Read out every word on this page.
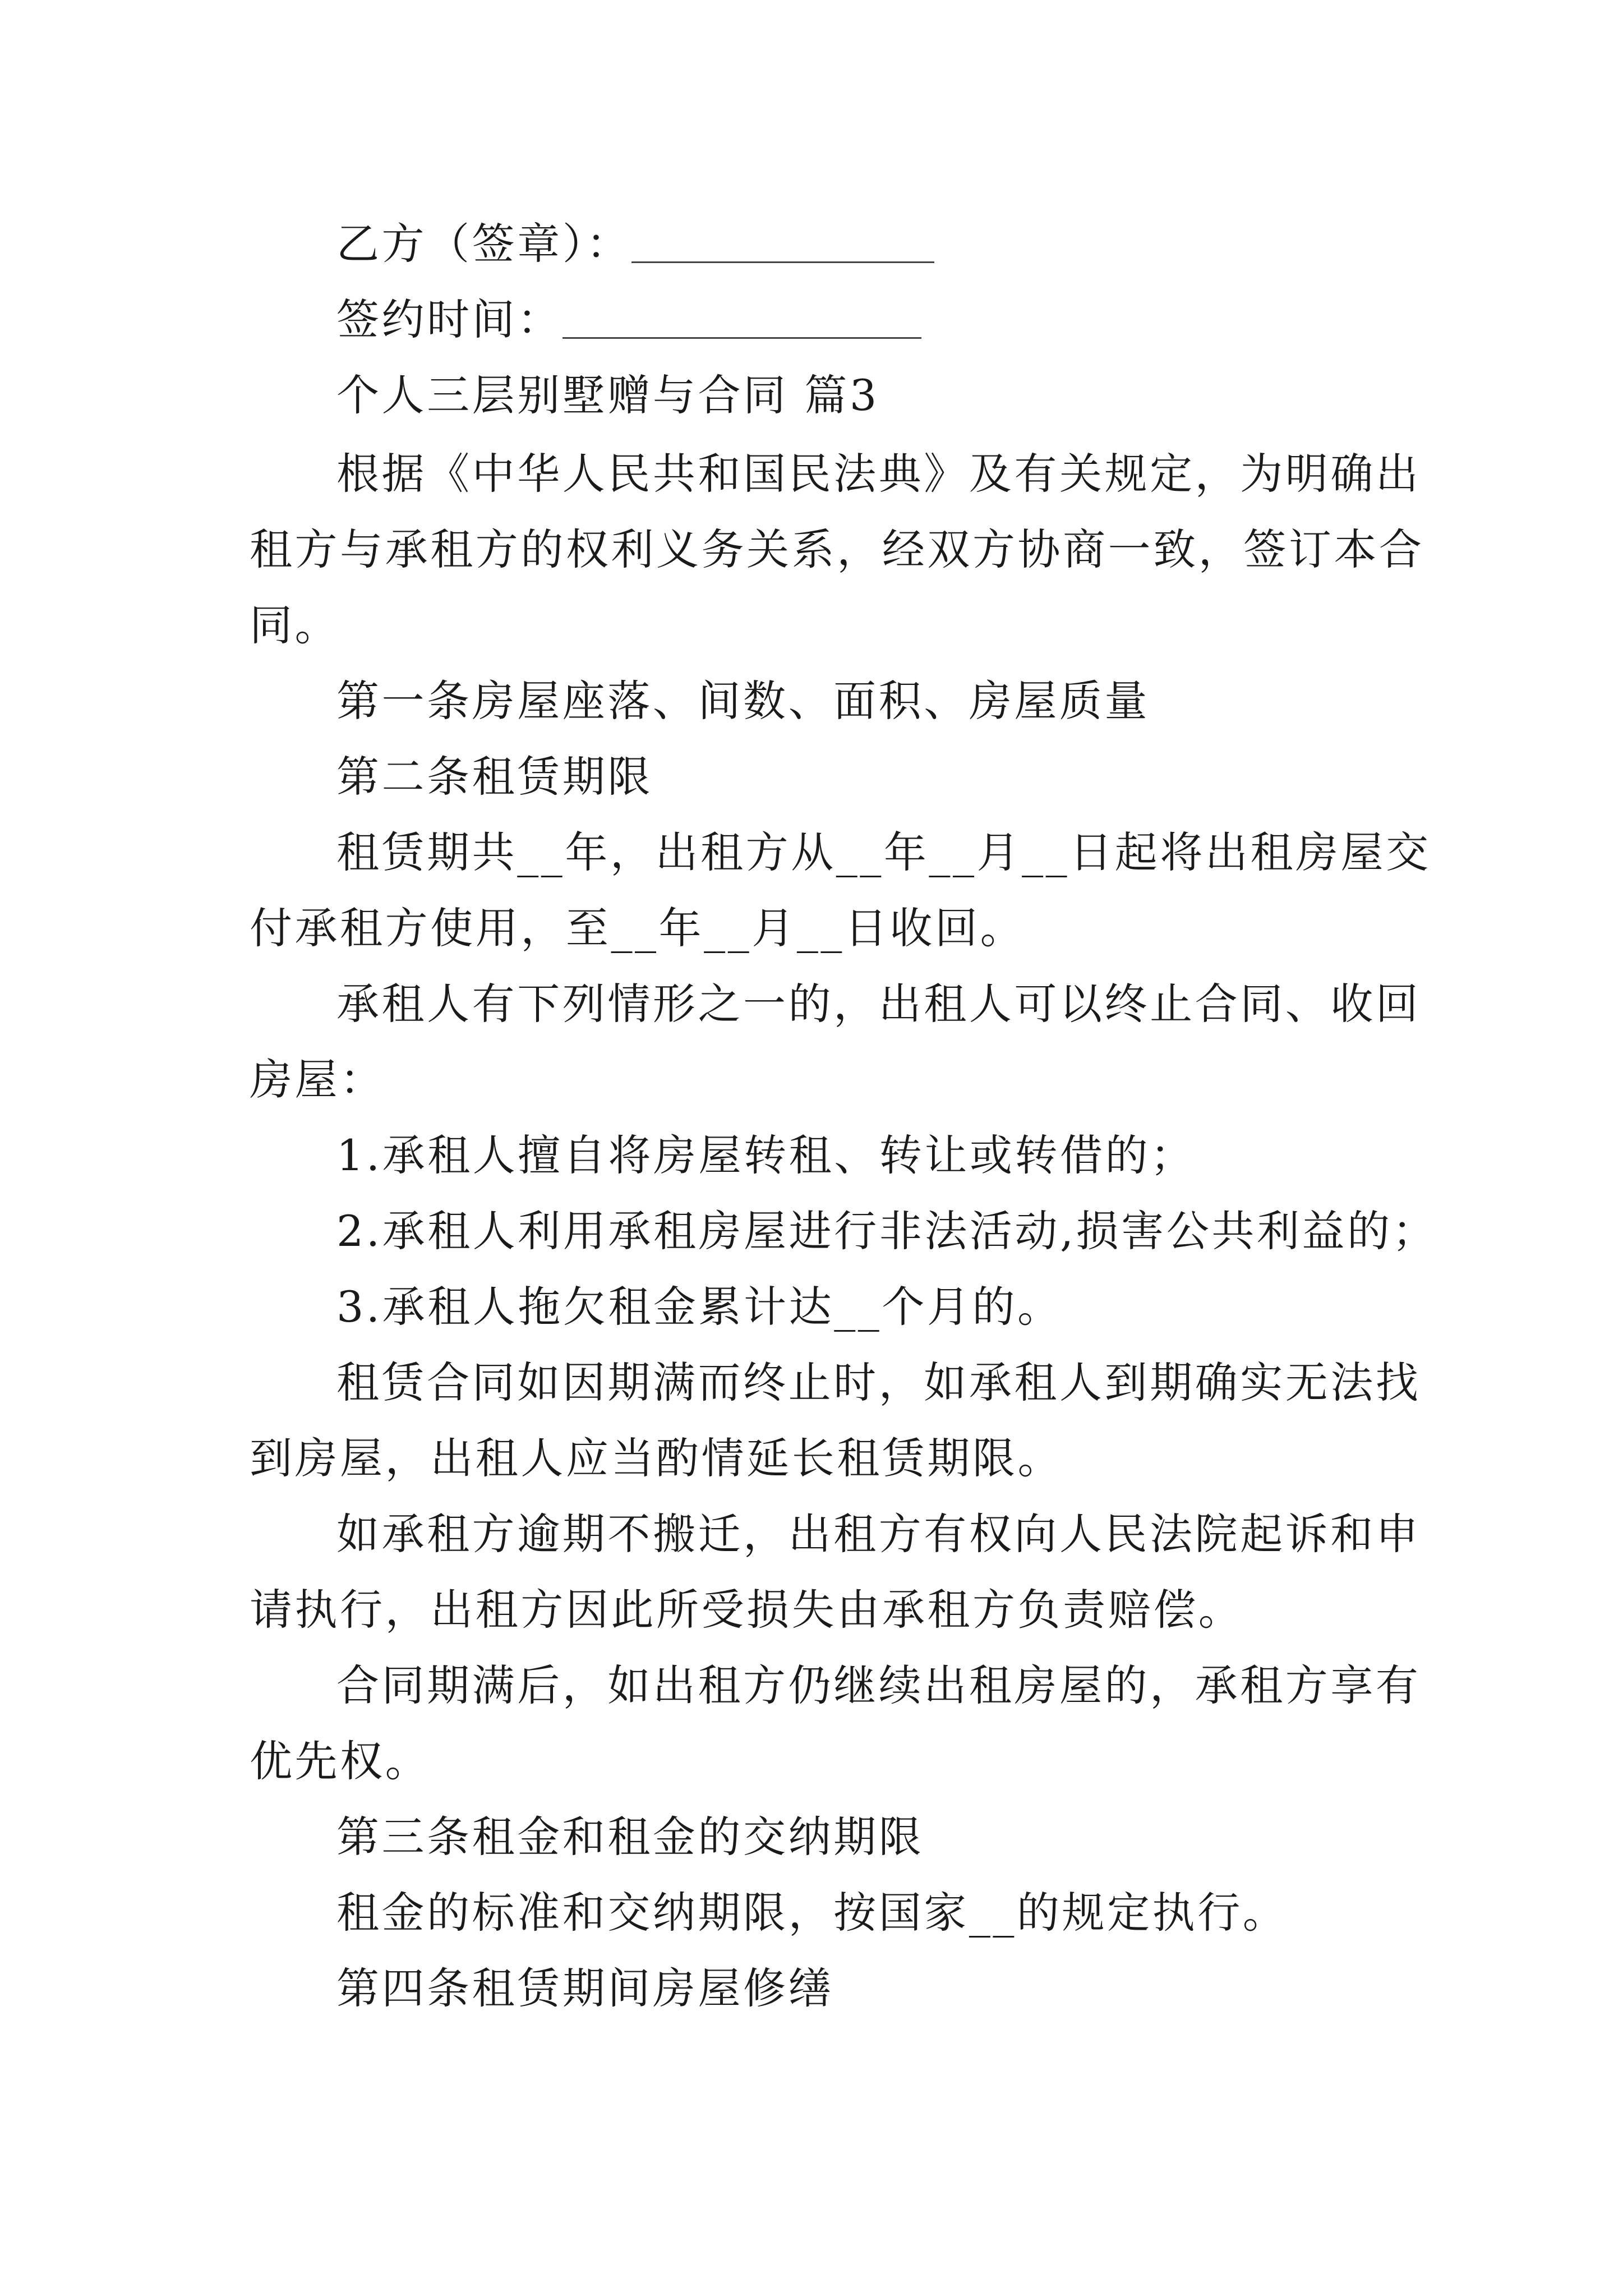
乙方（签章）：

签约时间：

个人三层别墅赠与合同 篇3

根据《中华人民共和国民法典》及有关规定，为明确出

租方与承租方的权利义务关系，经双方协商一致，签订本合

同。

第一条房屋座落、间数、面积、房屋质量

第二条租赁期限

租赁期共__年，出租方从__年__月__日起将出租房屋交

付承租方使用，至__年__月__日收回。

承租人有下列情形之一的，出租人可以终止合同、收回

房屋：

1.承租人擅自将房屋转租、转让或转借的；

2.承租人利用承租房屋进行非法活动,损害公共利益的；

3.承租人拖欠租金累计达__个月的。

租赁合同如因期满而终止时，如承租人到期确实无法找

到房屋，出租人应当酌情延长租赁期限。

如承租方逾期不搬迁，出租方有权向人民法院起诉和申

请执行，出租方因此所受损失由承租方负责赔偿。

合同期满后，如出租方仍继续出租房屋的，承租方享有

优先权。

第三条租金和租金的交纳期限

租金的标准和交纳期限，按国家__的规定执行。

第四条租赁期间房屋修缮
